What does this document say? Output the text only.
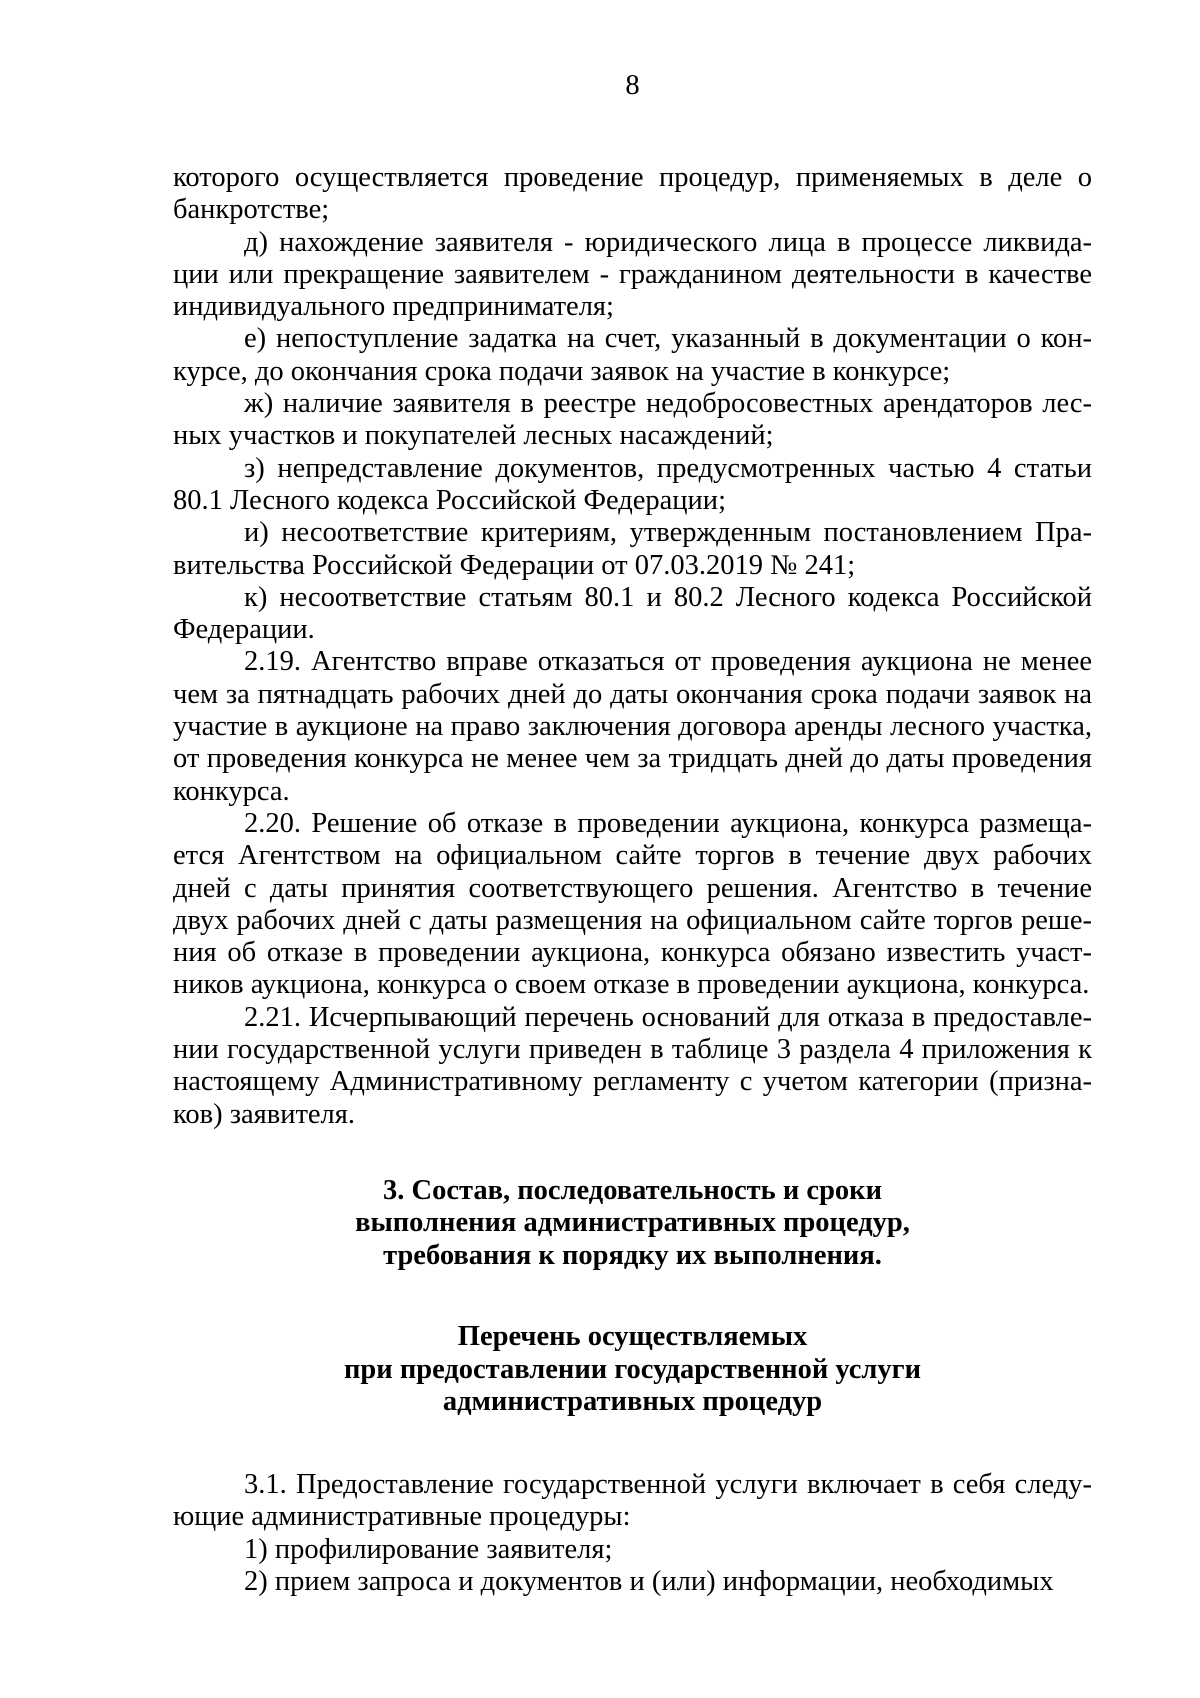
8

которого осуществляется проведение процедур, применяемых в деле о банкротстве;

д) нахождение заявителя - юридического лица в процессе ликвидации или прекращение заявителем - гражданином деятельности в качестве индивидуального предпринимателя;

е) непоступление задатка на счет, указанный в документации о конкурсе, до окончания срока подачи заявок на участие в конкурсе;

ж) наличие заявителя в реестре недобросовестных арендаторов лесных участков и покупателей лесных насаждений;

з) непредставление документов, предусмотренных частью 4 статьи 80.1 Лесного кодекса Российской Федерации;

и) несоответствие критериям, утвержденным постановлением Правительства Российской Федерации от 07.03.2019 № 241;

к) несоответствие статьям 80.1 и 80.2 Лесного кодекса Российской Федерации.

2.19. Агентство вправе отказаться от проведения аукциона не менее чем за пятнадцать рабочих дней до даты окончания срока подачи заявок на участие в аукционе на право заключения договора аренды лесного участка, от проведения конкурса не менее чем за тридцать дней до даты проведения конкурса.

2.20. Решение об отказе в проведении аукциона, конкурса размещается Агентством на официальном сайте торгов в течение двух рабочих дней с даты принятия соответствующего решения. Агентство в течение двух рабочих дней с даты размещения на официальном сайте торгов решения об отказе в проведении аукциона, конкурса обязано известить участников аукциона, конкурса о своем отказе в проведении аукциона, конкурса.

2.21. Исчерпывающий перечень оснований для отказа в предоставлении государственной услуги приведен в таблице 3 раздела 4 приложения к настоящему Административному регламенту с учетом категории (признаков) заявителя.

3. Состав, последовательность и сроки
выполнения административных процедур,
требования к порядку их выполнения.
Перечень осуществляемых
при предоставлении государственной услуги
административных процедур

3.1. Предоставление государственной услуги включает в себя следующие административные процедуры:

1) профилирование заявителя;

2) прием запроса и документов и (или) информации, необходимых
